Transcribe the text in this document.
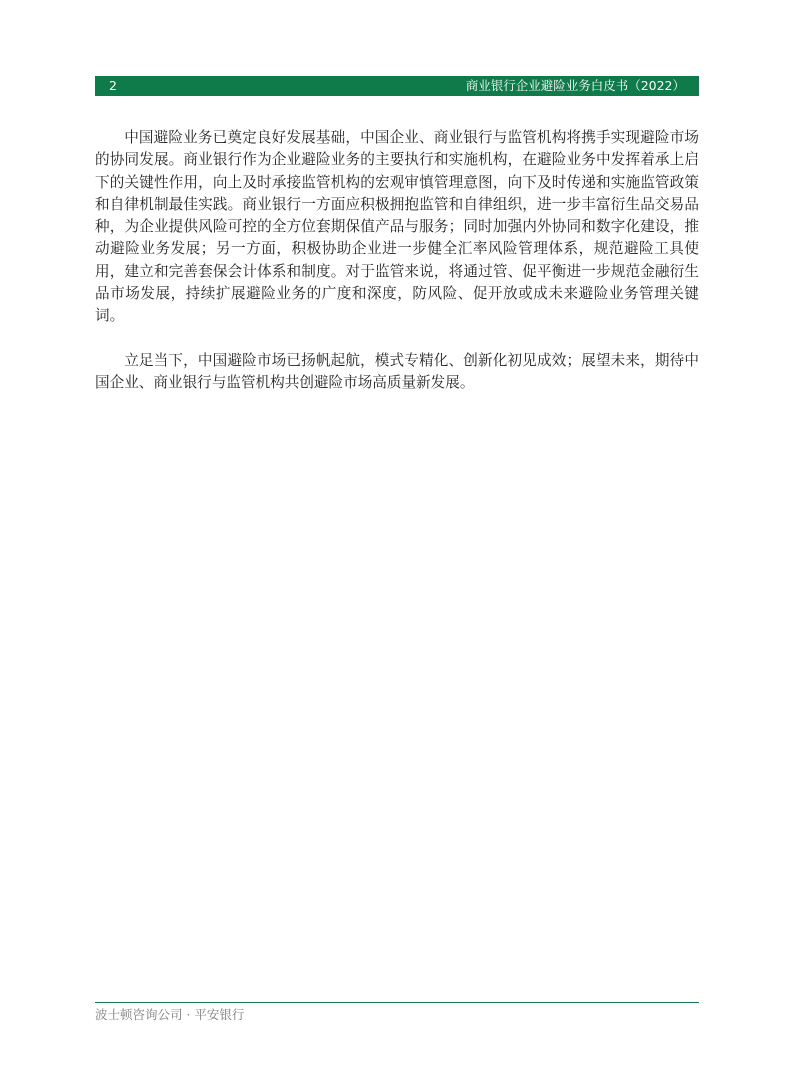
2	商业银行企业避险业务白皮书（2022）

中国避险业务已奠定良好发展基础，中国企业、商业银行与监管机构将携手实现避险市场的协同发展。商业银行作为企业避险业务的主要执行和实施机构，在避险业务中发挥着承上启下的关键性作用，向上及时承接监管机构的宏观审慎管理意图，向下及时传递和实施监管政策和自律机制最佳实践。商业银行一方面应积极拥抱监管和自律组织，进一步丰富衍生品交易品种，为企业提供风险可控的全方位套期保值产品与服务；同时加强内外协同和数字化建设，推动避险业务发展；另一方面，积极协助企业进一步健全汇率风险管理体系，规范避险工具使用，建立和完善套保会计体系和制度。对于监管来说，将通过管、促平衡进一步规范金融衍生品市场发展，持续扩展避险业务的广度和深度，防风险、促开放或成未来避险业务管理关键词。

立足当下，中国避险市场已扬帆起航，模式专精化、创新化初见成效；展望未来，期待中国企业、商业银行与监管机构共创避险市场高质量新发展。

波士顿咨询公司 · 平安银行
